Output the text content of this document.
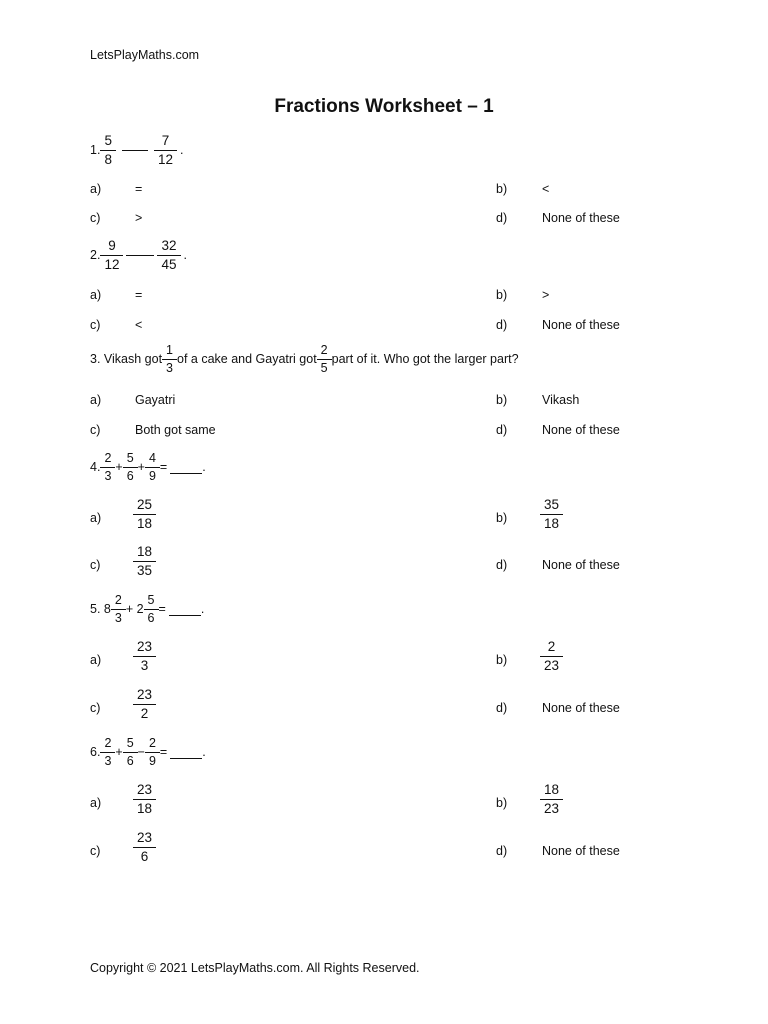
LetsPlayMaths.com
Fractions Worksheet – 1
1. $\frac{5}{8}$	$\frac{7}{12}$ .
a)	=	b)	<
c)	>	d)	None of these
2. $\frac{9}{12}$	$\frac{32}{45}$ .
a)	=	b)	>
c)	<	d)	None of these
3. Vikash got $\frac{1}{3}$ of a cake and Gayatri got $\frac{2}{5}$ part of it. Who got the larger part?
a)	Gayatri	b)	Vikash
c)	Both got same	d)	None of these
4. $\frac{2}{3} + \frac{5}{6} + \frac{4}{9}$ =	.
a)	$\frac{25}{18}$	b)	$\frac{35}{18}$
c)	$\frac{18}{35}$	d)	None of these
5. $8 \frac{2}{3} + 2 \frac{5}{6}$ =	.
a)	$\frac{23}{3}$	b)	$\frac{2}{23}$
c)	$\frac{23}{2}$	d)	None of these
6. $\frac{2}{3} + \frac{5}{6} - \frac{2}{9}$ =	.
a)	$\frac{23}{18}$	b)	$\frac{18}{23}$
c)	$\frac{23}{6}$	d)	None of these
Copyright © 2021 LetsPlayMaths.com. All Rights Reserved.
